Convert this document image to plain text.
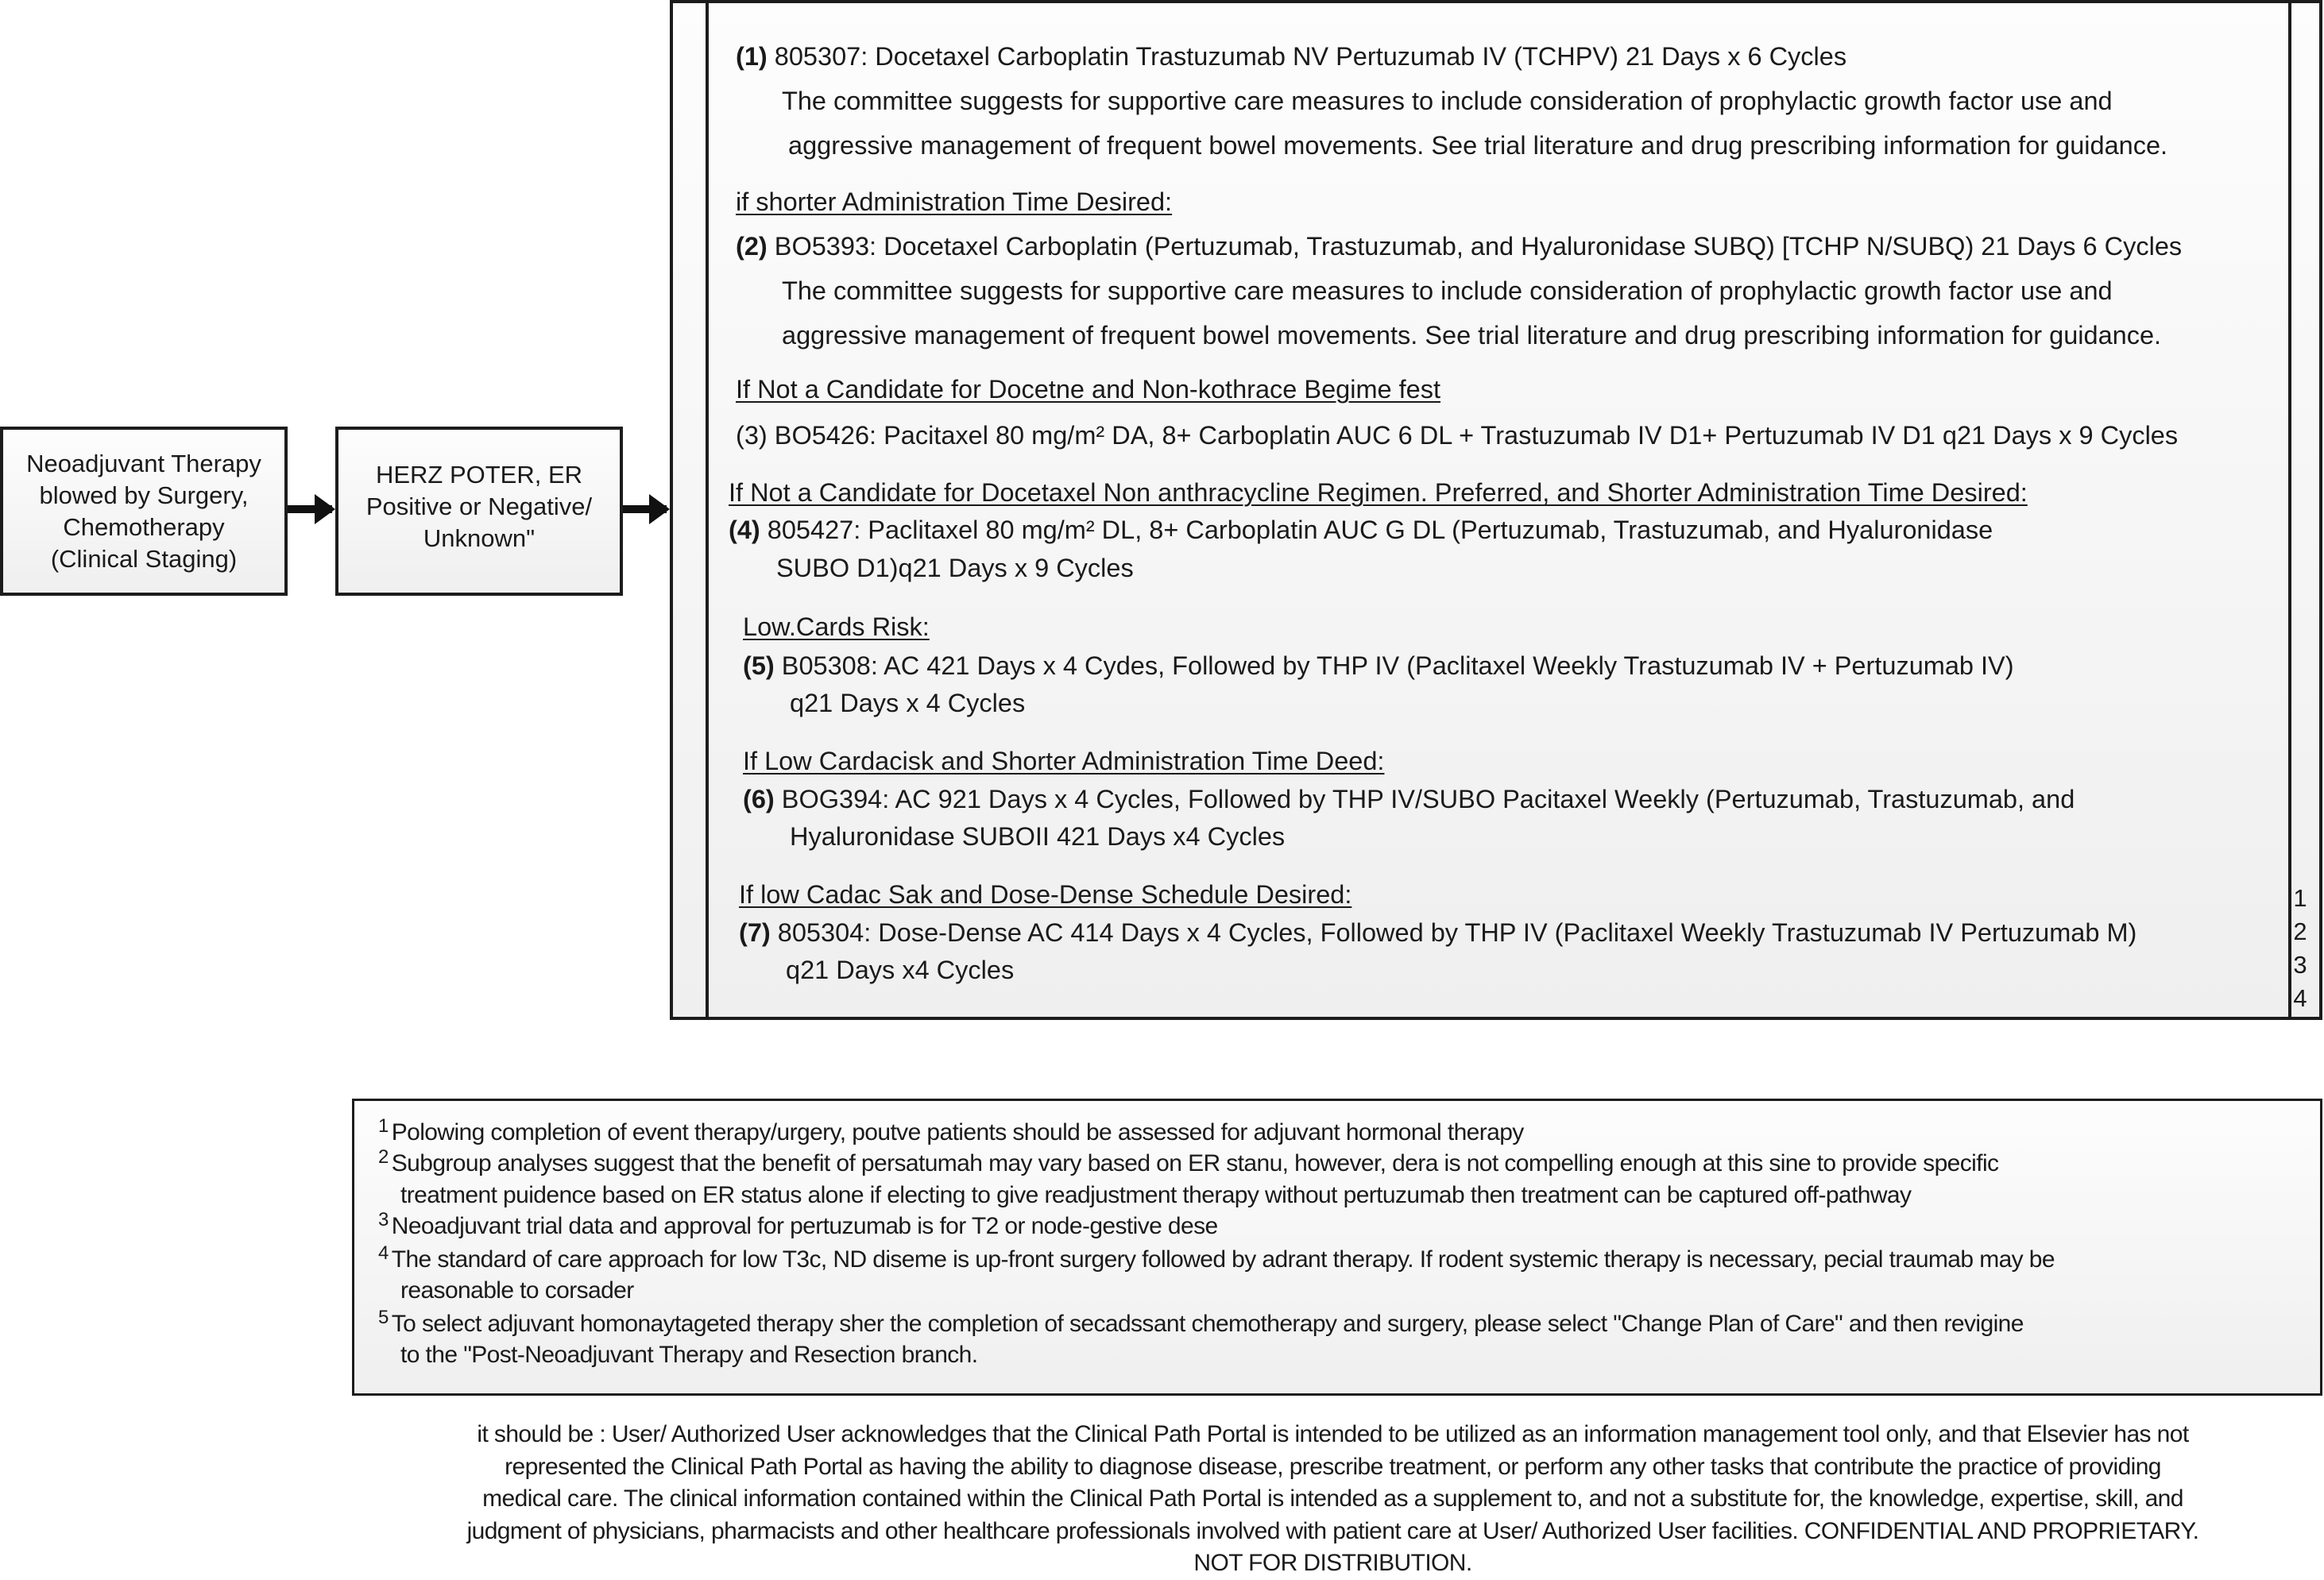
Neoadjuvant Therapy
blowed by Surgery,
Chemotherapy
(Clinical Staging)
HERZ POTER, ER
Positive or Negative/
Unknown"
(1) 805307: Docetaxel Carboplatin Trastuzumab NV Pertuzumab IV (TCHPV) 21 Days x 6 Cycles
The committee suggests for supportive care measures to include consideration of prophylactic growth factor use and
aggressive management of frequent bowel movements. See trial literature and drug prescribing information for guidance.
if shorter Administration Time Desired:
(2) BO5393: Docetaxel Carboplatin (Pertuzumab, Trastuzumab, and Hyaluronidase SUBQ) [TCHP N/SUBQ) 21 Days 6 Cycles
The committee suggests for supportive care measures to include consideration of prophylactic growth factor use and
aggressive management of frequent bowel movements. See trial literature and drug prescribing information for guidance.
If Not a Candidate for Docetne and Non-kothrace Begime fest
(3) BO5426: Pacitaxel 80 mg/m² DA, 8+ Carboplatin AUC 6 DL + Trastuzumab IV D1+ Pertuzumab IV D1 q21 Days x 9 Cycles
If Not a Candidate for Docetaxel Non anthracycline Regimen. Preferred, and Shorter Administration Time Desired:
(4) 805427: Paclitaxel 80 mg/m² DL, 8+ Carboplatin AUC G DL (Pertuzumab, Trastuzumab, and Hyaluronidase
SUBO D1)q21 Days x 9 Cycles
Low.Cards Risk:
(5) B05308: AC 421 Days x 4 Cydes, Followed by THP IV (Paclitaxel Weekly Trastuzumab IV + Pertuzumab IV)
q21 Days x 4 Cycles
If Low Cardacisk and Shorter Administration Time Deed:
(6) BOG394: AC 921 Days x 4 Cycles, Followed by THP IV/SUBO Pacitaxel Weekly (Pertuzumab, Trastuzumab, and
Hyaluronidase SUBOII 421 Days x4 Cycles
If low Cadac Sak and Dose-Dense Schedule Desired:
(7) 805304: Dose-Dense AC 414 Days x 4 Cycles, Followed by THP IV (Paclitaxel Weekly Trastuzumab IV Pertuzumab M)
q21 Days x4 Cycles
1
2
3
4
$^1$ Polowing completion of event therapy/urgery, poutve patients should be assessed for adjuvant hormonal therapy
$^2$ Subgroup analyses suggest that the benefit of persatumah may vary based on ER stanu, however, dera is not compelling enough at this sine to provide specific
treatment puidence based on ER status alone if electing to give readjustment therapy without pertuzumab then treatment can be captured off-pathway
$^3$ Neoadjuvant trial data and approval for pertuzumab is for T2 or node-gestive dese
$^4$ The standard of care approach for low T3c, ND diseme is up-front surgery followed by adrant therapy. If rodent systemic therapy is necessary, pecial traumab may be
reasonable to corsader
$^5$ To select adjuvant homonaytageted therapy sher the completion of secadssant chemotherapy and surgery, please select "Change Plan of Care" and then revigine
to the "Post-Neoadjuvant Therapy and Resection branch.
it should be : User/ Authorized User acknowledges that the Clinical Path Portal is intended to be utilized as an information management tool only, and that Elsevier has not
represented the Clinical Path Portal as having the ability to diagnose disease, prescribe treatment, or perform any other tasks that contribute the practice of providing
medical care. The clinical information contained within the Clinical Path Portal is intended as a supplement to, and not a substitute for, the knowledge, expertise, skill, and
judgment of physicians, pharmacists and other healthcare professionals involved with patient care at User/ Authorized User facilities. CONFIDENTIAL AND PROPRIETARY.
NOT FOR DISTRIBUTION.
